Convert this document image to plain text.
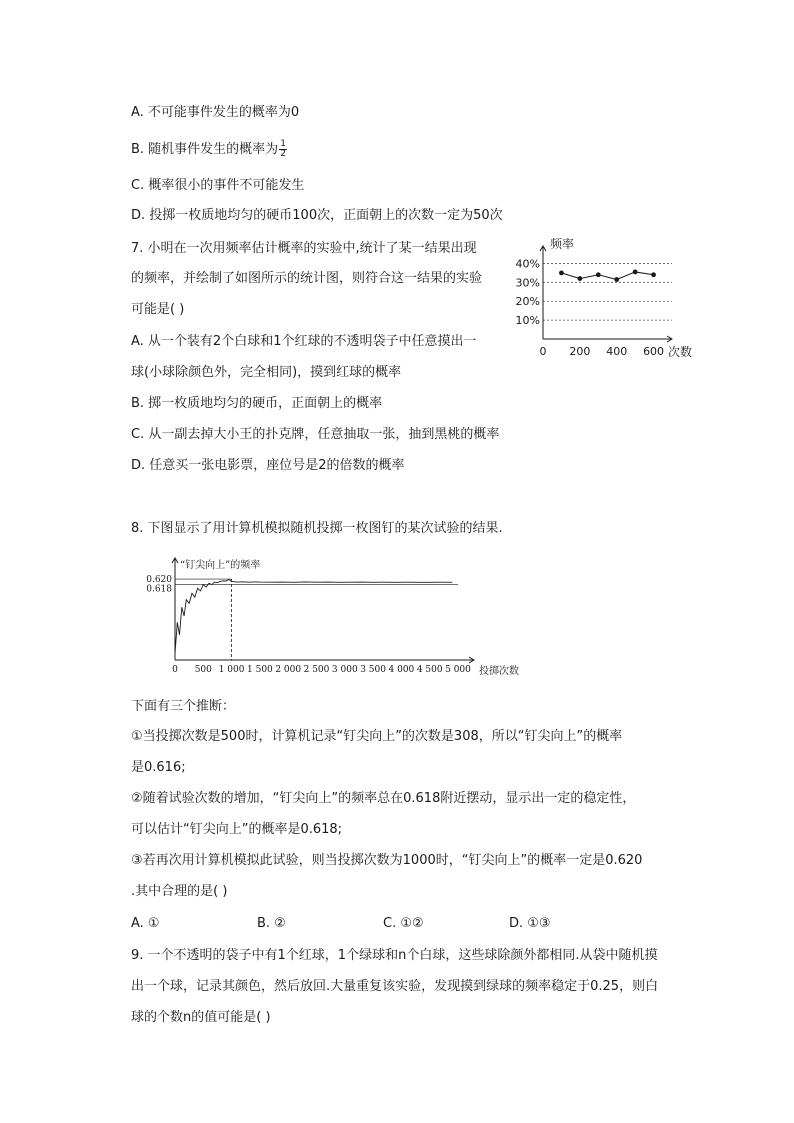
A. 不可能事件发生的概率为0
B. 随机事件发生的概率为 $\frac{1}{2}$
C. 概率很小的事件不可能发生
D. 投掷一枚质地均匀的硬币100次，正面朝上的次数一定为50次
7. 小明在一次用频率估计概率的实验中,统计了某一结果出现
的频率，并绘制了如图所示的统计图，则符合这一结果的实验
可能是( )
A. 从一个装有2个白球和1个红球的不透明袋子中任意摸出一
球(小球除颜色外，完全相同)，摸到红球的概率
B. 掷一枚质地均匀的硬币，正面朝上的概率
C. 从一副去掉大小王的扑克牌，任意抽取一张，抽到黑桃的概率
D. 任意买一张电影票，座位号是2的倍数的概率
频率
次数
10%
20%
30%
40%
0 200 400 600
8. 下图显示了用计算机模拟随机投掷一枚图钉的某次试验的结果.
“钉尖向上”的频率
投掷次数
0.620
0.618
0 500 1 000 1 500 2 000 2 500 3 000 3 500 4 000 4 500 5 000
下面有三个推断：
①当投掷次数是500时，计算机记录“钉尖向上”的次数是308，所以“钉尖向上”的概率
是0.616;
②随着试验次数的增加，“钉尖向上”的频率总在0.618附近摆动，显示出一定的稳定性，
可以估计“钉尖向上”的概率是0.618;
③若再次用计算机模拟此试验，则当投掷次数为1000时，“钉尖向上”的概率一定是0.620
.其中合理的是( )
A. ①	B. ②	C. ①②	D. ①③
9. 一个不透明的袋子中有1个红球，1个绿球和n个白球，这些球除颜外都相同.从袋中随机摸
出一个球，记录其颜色，然后放回.大量重复该实验，发现摸到绿球的频率稳定于0.25，则白
球的个数n的值可能是( )
